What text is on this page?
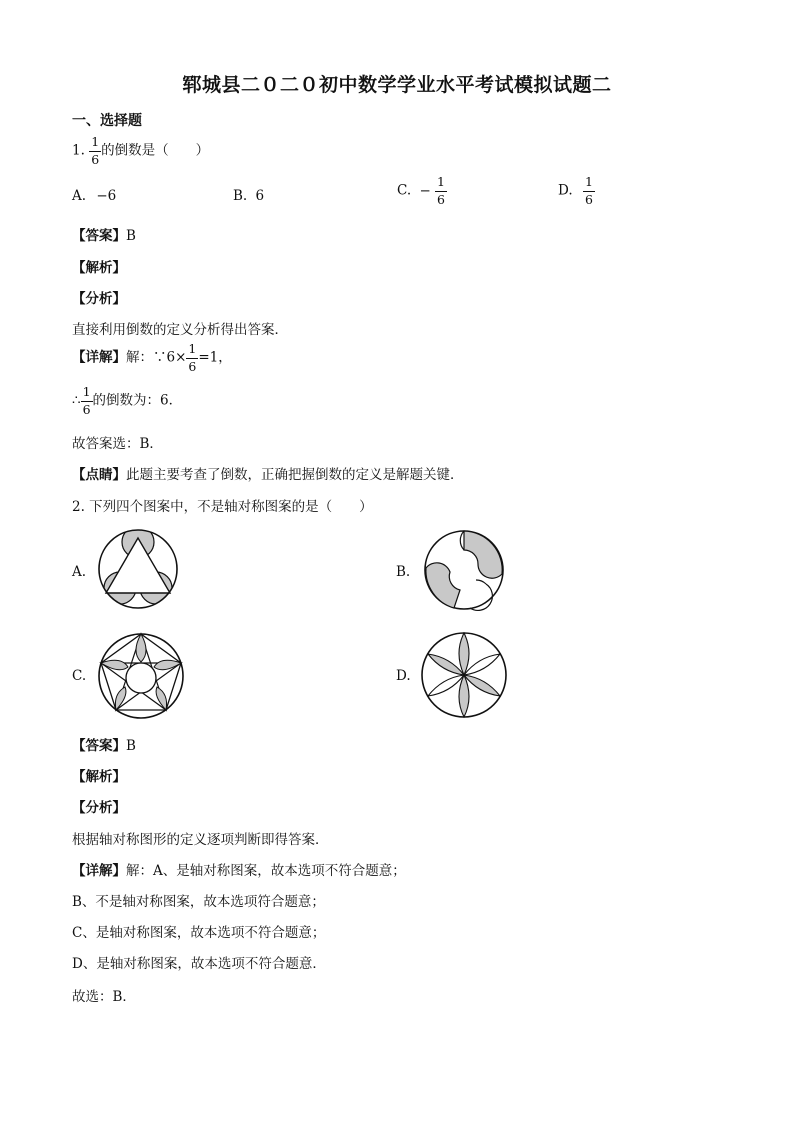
郓城县二０二０初中数学学业水平考试模拟试题二
一、选择题
1. $\frac{1}{6}$ 的倒数是（　　）
A. −6	B. 6	C. − $\frac{1}{6}$	D. $\frac{1}{6}$
【答案】B
【解析】
【分析】
直接利用倒数的定义分析得出答案．
【详解】解：∵6× $\frac{1}{6} =1$，
∴ $\frac{1}{6}$ 的倒数为：6．
故答案选：B．
【点睛】此题主要考查了倒数，正确把握倒数的定义是解题关键．
2. 下列四个图案中，不是轴对称图案的是（　　）
A.	B.
C.	D.
【答案】B
【解析】
【分析】
根据轴对称图形的定义逐项判断即得答案．
【详解】解：A、是轴对称图案，故本选项不符合题意；
B、不是轴对称图案，故本选项符合题意；
C、是轴对称图案，故本选项不符合题意；
D、是轴对称图案，故本选项不符合题意．
故选：B．
